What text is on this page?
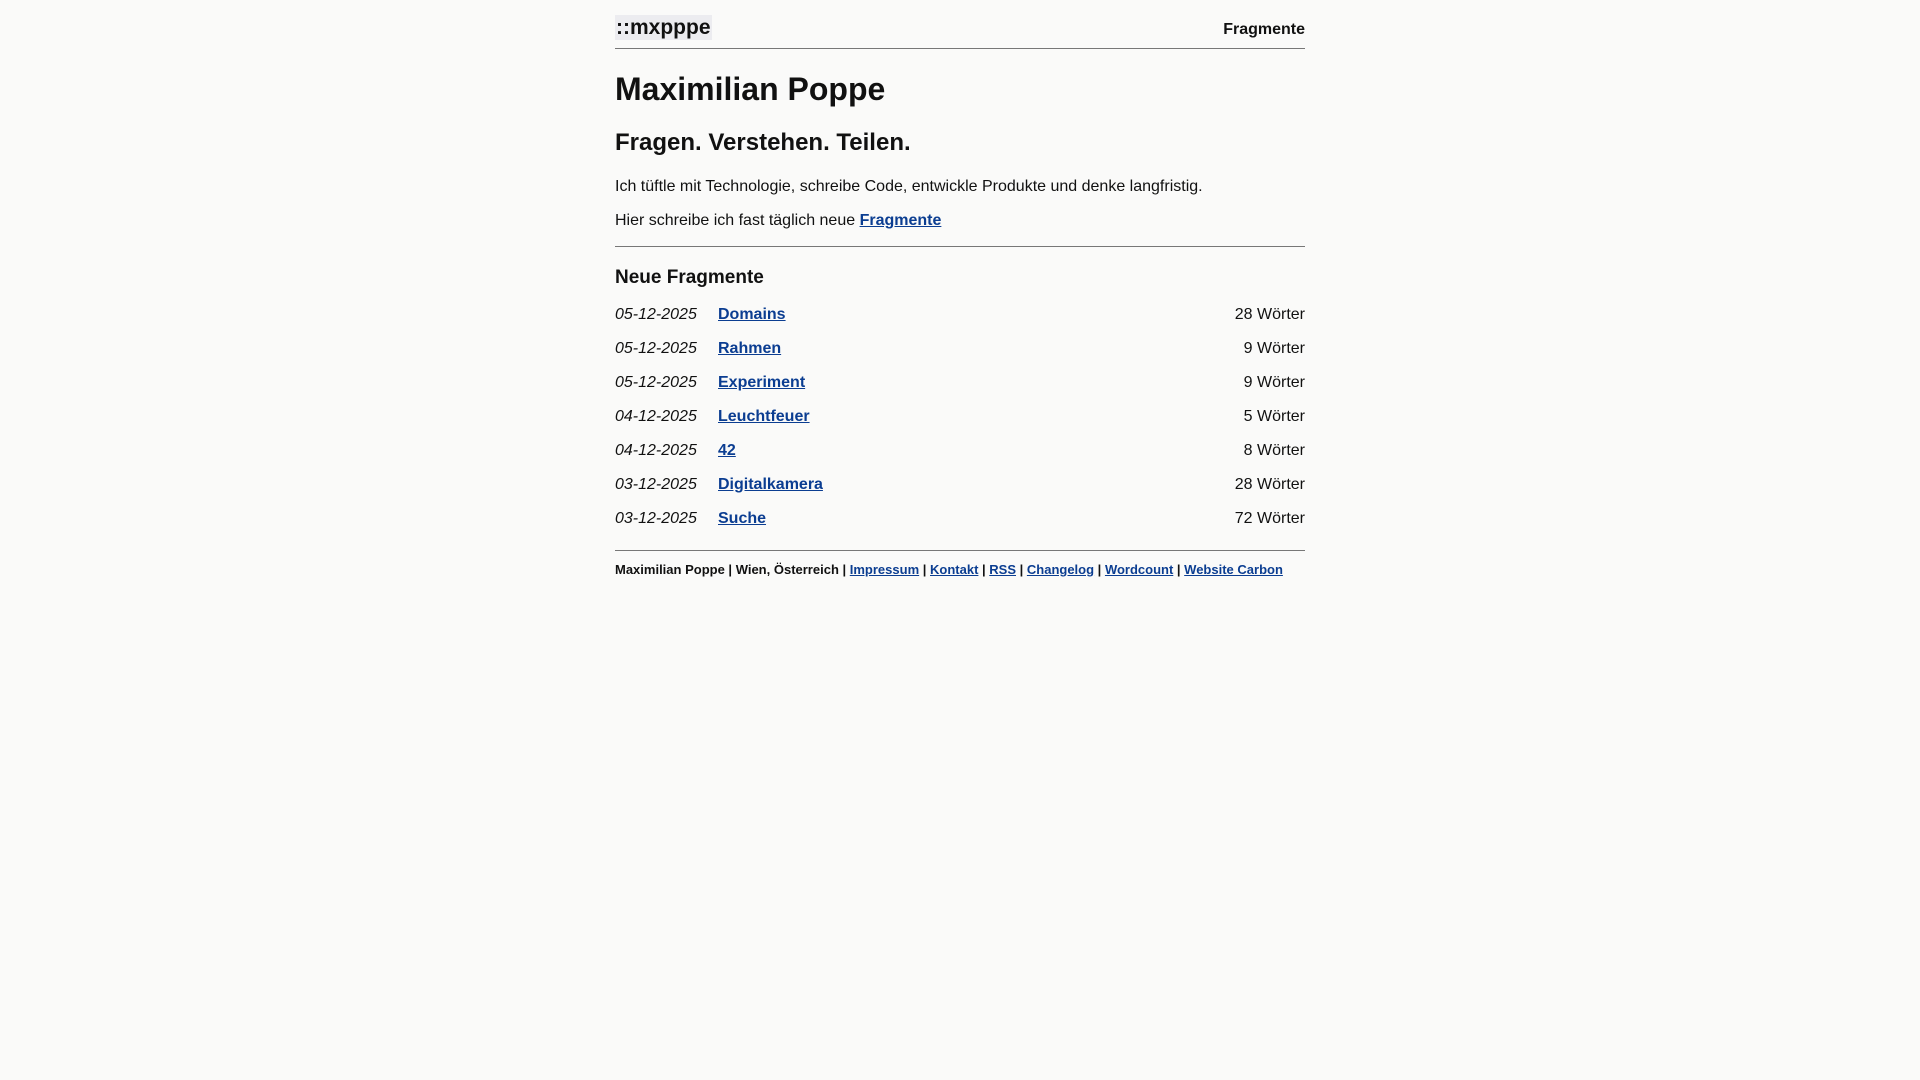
::mxpppe	Fragmente
Maximilian Poppe
Fragen. Verstehen. Teilen.

Ich tüftle mit Technologie, schreibe Code, entwickle Produkte und denke langfristig.

Hier schreibe ich fast täglich neue Fragmente

Neue Fragmente
05-12-2025 Domains	28 Wörter
05-12-2025 Rahmen	9 Wörter
05-12-2025 Experiment	9 Wörter
04-12-2025 Leuchtfeuer	5 Wörter
04-12-2025 42	8 Wörter
03-12-2025 Digitalkamera	28 Wörter
03-12-2025 Suche	72 Wörter
Maximilian Poppe | Wien, Österreich | Impressum | Kontakt | RSS | Changelog | Wordcount | Website Carbon
